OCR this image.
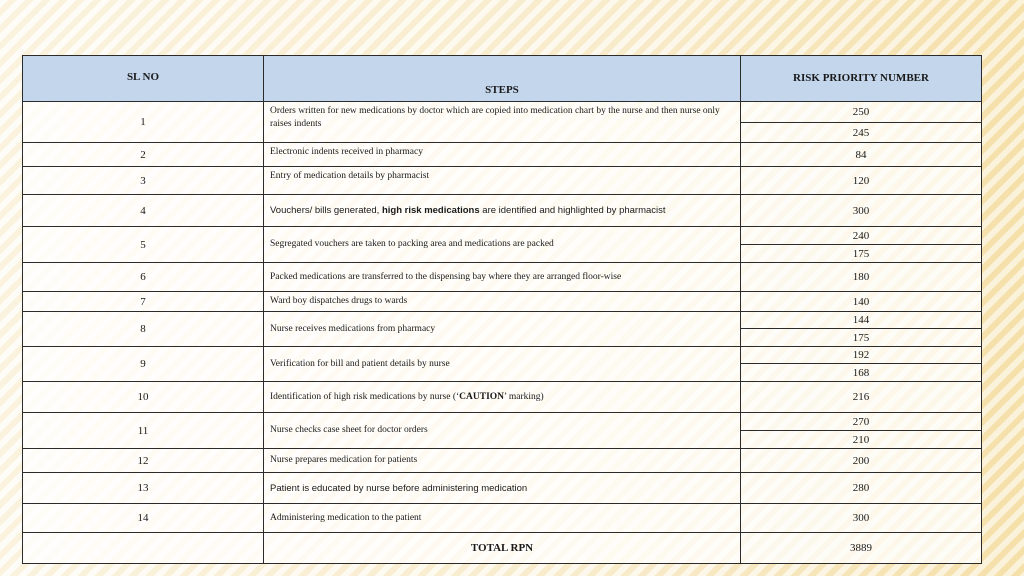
SL NO	STEPS	RISK PRIORITY NUMBER
1	Orders written for new medications by doctor which are copied into medication chart by the nurse and then nurse only raises indents	250
		245
2	Electronic indents received in pharmacy	84
3	Entry of medication details by pharmacist	120
4	Vouchers/ bills generated, high risk medications are identified and highlighted by pharmacist	300
5	Segregated vouchers are taken to packing area and medications are packed	240
		175
6	Packed medications are transferred to the dispensing bay where they are arranged floor-wise	180
7	Ward boy dispatches drugs to wards	140
8	Nurse receives medications from pharmacy	144
		175
9	Verification for bill and patient details by nurse	192
		168
10	Identification of high risk medications by nurse (‘CAUTION’ marking)	216
11	Nurse checks case sheet for doctor orders	270
		210
12	Nurse prepares medication for patients	200
13	Patient is educated by nurse before administering medication	280
14	Administering medication to the patient	300
	TOTAL RPN	3889
